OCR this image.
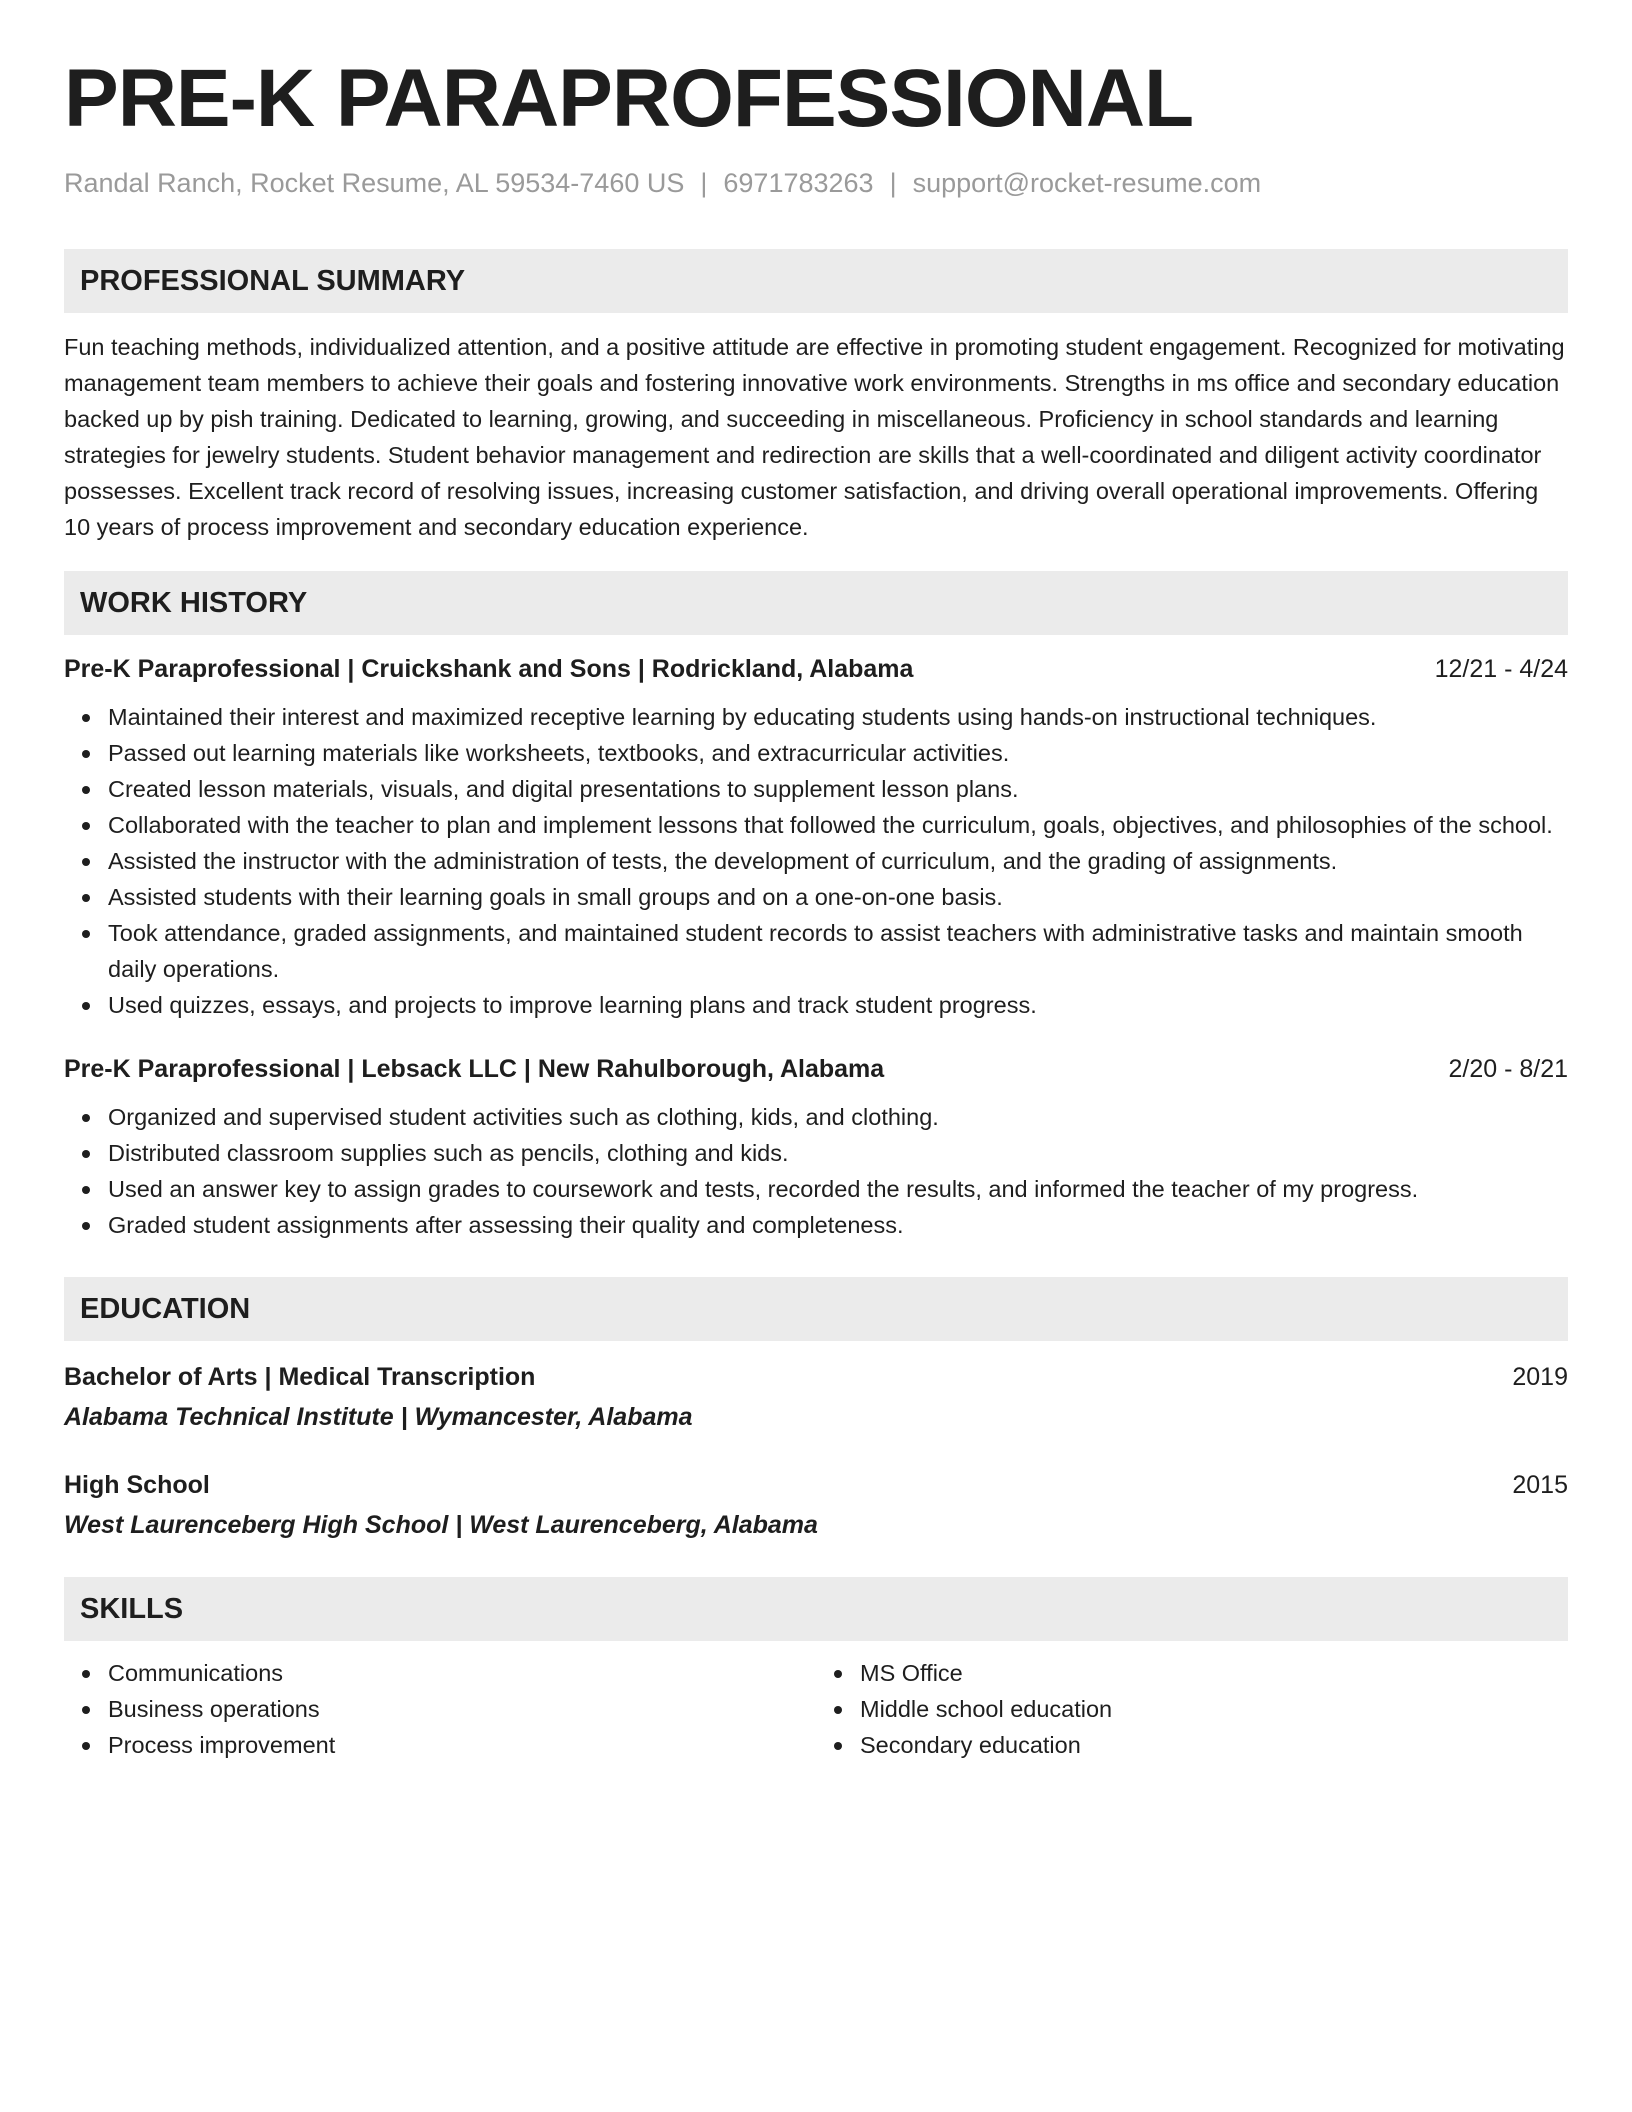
PRE-K PARAPROFESSIONAL
Randal Ranch, Rocket Resume, AL 59534-7460 US | 6971783263 | support@rocket-resume.com
PROFESSIONAL SUMMARY

Fun teaching methods, individualized attention, and a positive attitude are effective in promoting student engagement. Recognized for motivating management team members to achieve their goals and fostering innovative work environments. Strengths in ms office and secondary education backed up by pish training. Dedicated to learning, growing, and succeeding in miscellaneous. Proficiency in school standards and learning strategies for jewelry students. Student behavior management and redirection are skills that a well-coordinated and diligent activity coordinator possesses. Excellent track record of resolving issues, increasing customer satisfaction, and driving overall operational improvements. Offering 10 years of process improvement and secondary education experience.

WORK HISTORY
Pre-K Paraprofessional | Cruickshank and Sons | Rodrickland, Alabama	12/21 - 4/24
Maintained their interest and maximized receptive learning by educating students using hands-on instructional techniques.
Passed out learning materials like worksheets, textbooks, and extracurricular activities.
Created lesson materials, visuals, and digital presentations to supplement lesson plans.
Collaborated with the teacher to plan and implement lessons that followed the curriculum, goals, objectives, and philosophies of the school.
Assisted the instructor with the administration of tests, the development of curriculum, and the grading of assignments.
Assisted students with their learning goals in small groups and on a one-on-one basis.
Took attendance, graded assignments, and maintained student records to assist teachers with administrative tasks and maintain smooth daily operations.
Used quizzes, essays, and projects to improve learning plans and track student progress.
Pre-K Paraprofessional | Lebsack LLC | New Rahulborough, Alabama	2/20 - 8/21
Organized and supervised student activities such as clothing, kids, and clothing.
Distributed classroom supplies such as pencils, clothing and kids.
Used an answer key to assign grades to coursework and tests, recorded the results, and informed the teacher of my progress.
Graded student assignments after assessing their quality and completeness.
EDUCATION
Bachelor of Arts | Medical Transcription	2019
Alabama Technical Institute | Wymancester, Alabama
High School	2015
West Laurenceberg High School | West Laurenceberg, Alabama
SKILLS
Communications
Business operations
Process improvement
MS Office
Middle school education
Secondary education
